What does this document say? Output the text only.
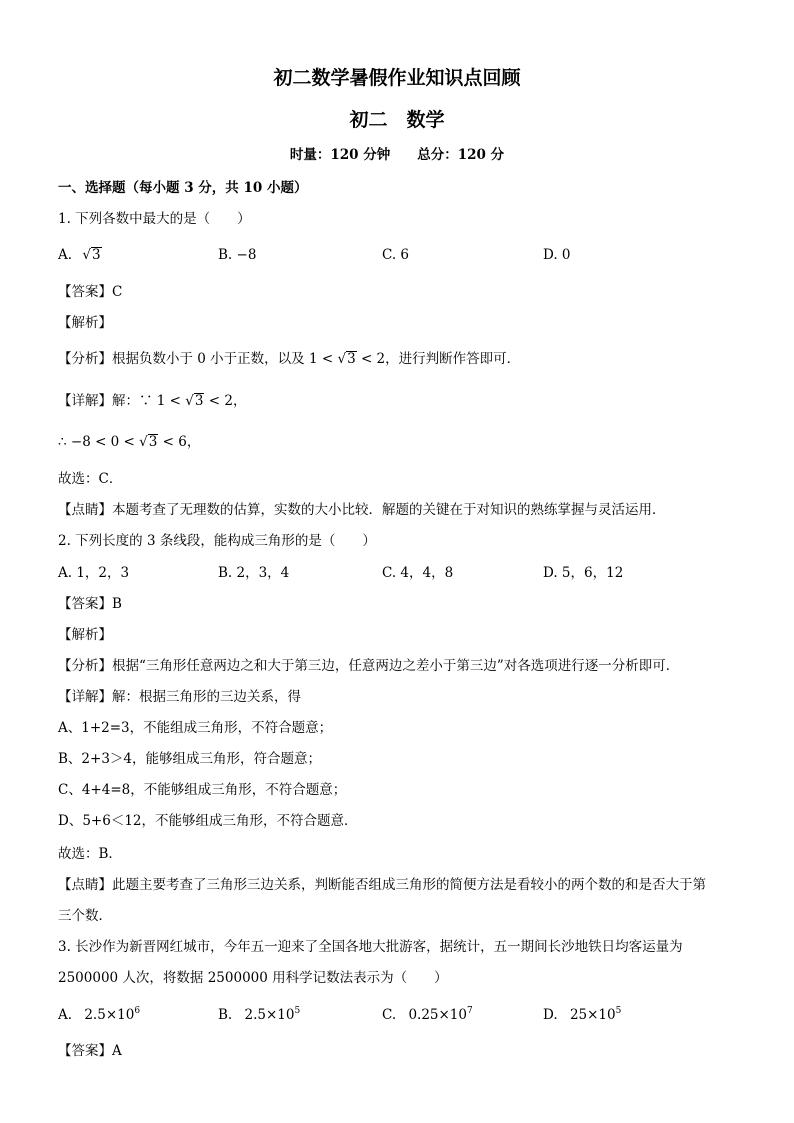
初二数学暑假作业知识点回顾
初二　数学
时量：120 分钟　　总分：120 分
一、选择题（每小题 3 分，共 10 小题）
1. 下列各数中最大的是（　　）
A. √3	B. −8	C. 6	D. 0
【答案】C
【解析】
【分析】根据负数小于 0 小于正数，以及 1 < √3 < 2，进行判断作答即可．
【详解】解：∵ 1 < √3 < 2，
∴ −8 < 0 < √3 < 6，
故选：C．
【点睛】本题考查了无理数的估算，实数的大小比较．解题的关键在于对知识的熟练掌握与灵活运用．
2. 下列长度的 3 条线段，能构成三角形的是（　　）
A. 1，2，3	B. 2，3，4	C. 4，4，8	D. 5，6，12
【答案】B
【解析】
【分析】根据“三角形任意两边之和大于第三边，任意两边之差小于第三边”对各选项进行逐一分析即可．
【详解】解：根据三角形的三边关系，得
A、1+2=3，不能组成三角形，不符合题意；
B、2+3＞4，能够组成三角形，符合题意；
C、4+4=8，不能够组成三角形，不符合题意；
D、5+6＜12，不能够组成三角形，不符合题意．
故选：B．
【点睛】此题主要考查了三角形三边关系，判断能否组成三角形的简便方法是看较小的两个数的和是否大于第
三个数．
3. 长沙作为新晋网红城市，今年五一迎来了全国各地大批游客，据统计，五一期间长沙地铁日均客运量为
2500000 人次，将数据 2500000 用科学记数法表示为（　　）
A. $2.5\times 10^6$	B. $2.5\times 10^5$	C. $0.25\times 10^7$	D. $25\times 10^5$
【答案】A
